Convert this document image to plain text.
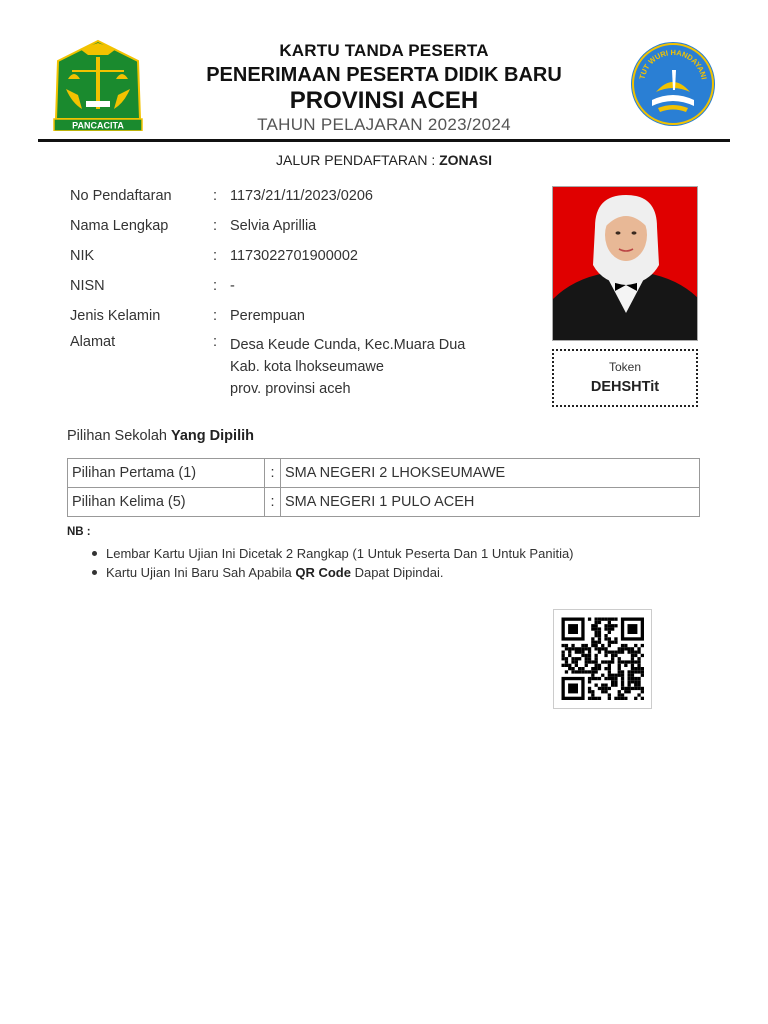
PANCACITA
KARTU TANDA PESERTA
PENERIMAAN PESERTA DIDIK BARU
PROVINSI ACEH
TAHUN PELAJARAN 2023/2024
TUT WURI HANDAYANI
JALUR PENDAFTARAN : ZONASI
No Pendaftaran	: 1173/21/11/2023/0206
Nama Lengkap	: Selvia Aprillia
NIK	: 1173022701900002
NISN	: -
Jenis Kelamin	: Perempuan
Alamat	: Desa Keude Cunda, Kec.Muara Dua
Kab. kota lhokseumawe
prov. provinsi aceh
Token
DEHSHTit
Pilihan Sekolah Yang Dipilih
Pilihan Pertama (1)	:	SMA NEGERI 2 LHOKSEUMAWE
Pilihan Kelima (5)	:	SMA NEGERI 1 PULO ACEH
NB :
Lembar Kartu Ujian Ini Dicetak 2 Rangkap (1 Untuk Peserta Dan 1 Untuk Panitia)
Kartu Ujian Ini Baru Sah Apabila QR Code Dapat Dipindai.
